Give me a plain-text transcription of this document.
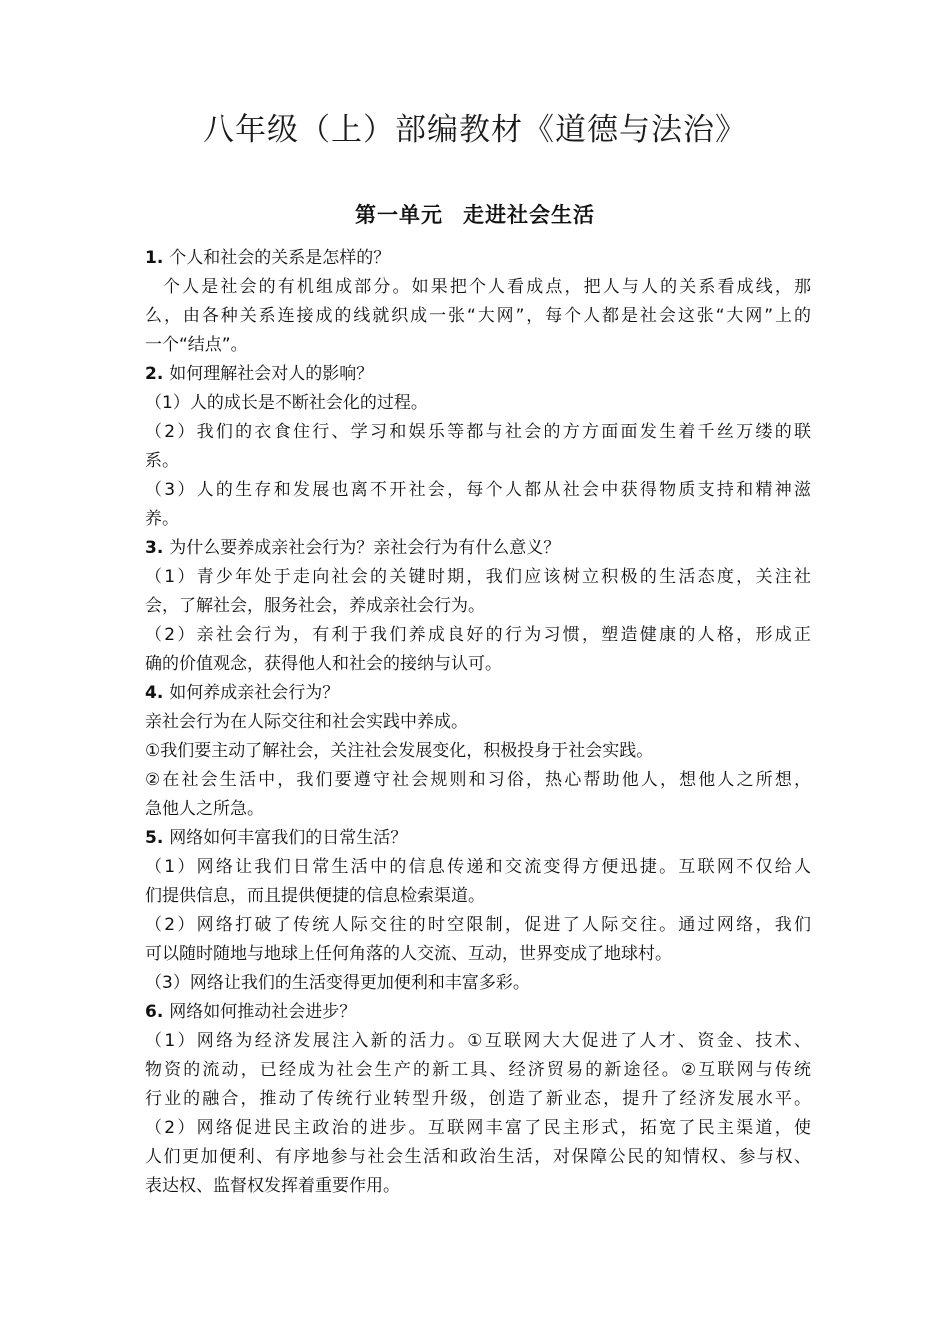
八年级（上）部编教材《道德与法治》
第一单元 走进社会生活
1. 个人和社会的关系是怎样的？
个人是社会的有机组成部分。如果把个人看成点，把人与人的关系看成线，那
么，由各种关系连接成的线就织成一张“大网”，每个人都是社会这张“大网”上的
一个“结点”。
2. 如何理解社会对人的影响？
（1）人的成长是不断社会化的过程。
（2）我们的衣食住行、学习和娱乐等都与社会的方方面面发生着千丝万缕的联
系。
（3）人的生存和发展也离不开社会，每个人都从社会中获得物质支持和精神滋
养。
3. 为什么要养成亲社会行为？亲社会行为有什么意义？
（1）青少年处于走向社会的关键时期，我们应该树立积极的生活态度，关注社
会，了解社会，服务社会，养成亲社会行为。
（2）亲社会行为，有利于我们养成良好的行为习惯，塑造健康的人格，形成正
确的价值观念，获得他人和社会的接纳与认可。
4. 如何养成亲社会行为？
亲社会行为在人际交往和社会实践中养成。
①我们要主动了解社会，关注社会发展变化，积极投身于社会实践。
②在社会生活中，我们要遵守社会规则和习俗，热心帮助他人，想他人之所想，
急他人之所急。
5. 网络如何丰富我们的日常生活？
（1）网络让我们日常生活中的信息传递和交流变得方便迅捷。互联网不仅给人
们提供信息，而且提供便捷的信息检索渠道。
（2）网络打破了传统人际交往的时空限制，促进了人际交往。通过网络，我们
可以随时随地与地球上任何角落的人交流、互动，世界变成了地球村。
（3）网络让我们的生活变得更加便利和丰富多彩。
6. 网络如何推动社会进步？
（1）网络为经济发展注入新的活力。①互联网大大促进了人才、资金、技术、
物资的流动，已经成为社会生产的新工具、经济贸易的新途径。②互联网与传统
行业的融合，推动了传统行业转型升级，创造了新业态，提升了经济发展水平。
（2）网络促进民主政治的进步。互联网丰富了民主形式，拓宽了民主渠道，使
人们更加便利、有序地参与社会生活和政治生活，对保障公民的知情权、参与权、
表达权、监督权发挥着重要作用。
